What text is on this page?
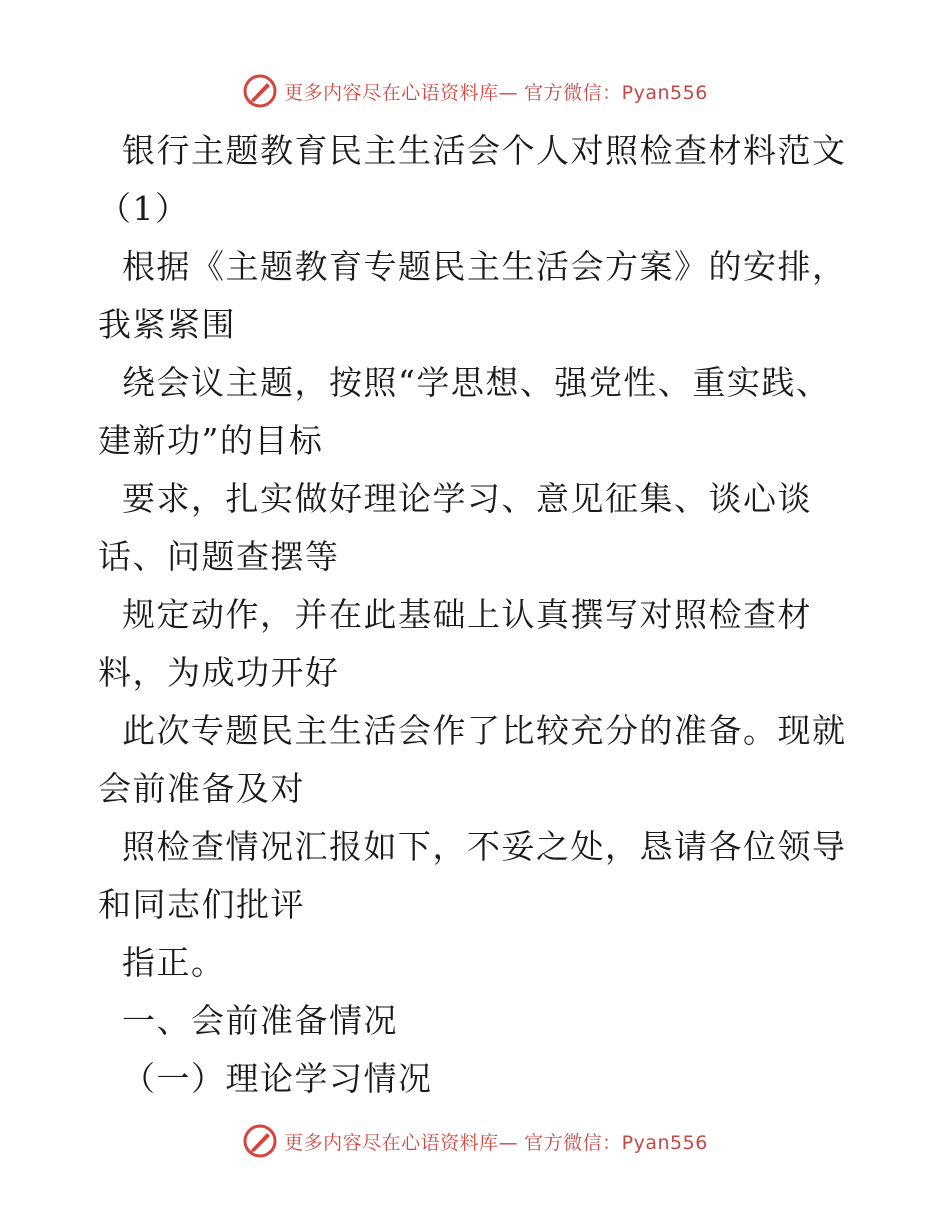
更多内容尽在心语资料库— 官方微信：Pyan556

银行主题教育民主生活会个人对照检查材料范文

（1）

根据《主题教育专题民主生活会方案》的安排，

我紧紧围

绕会议主题，按照“学思想、强党性、重实践、

建新功”的目标

要求，扎实做好理论学习、意见征集、谈心谈

话、问题查摆等

规定动作，并在此基础上认真撰写对照检查材

料，为成功开好

此次专题民主生活会作了比较充分的准备。现就

会前准备及对

照检查情况汇报如下，不妥之处，恳请各位领导

和同志们批评

指正。

一、会前准备情况

（一）理论学习情况

更多内容尽在心语资料库— 官方微信：Pyan556
